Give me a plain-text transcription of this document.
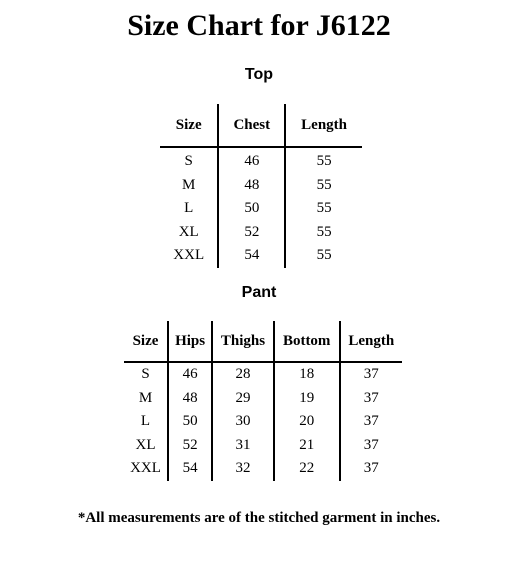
Size Chart for J6122
Top
Size	Chest	Length
S	46	55
M	48	55
L	50	55
XL	52	55
XXL	54	55
Pant
Size	Hips	Thighs	Bottom	Length
S	46	28	18	37
M	48	29	19	37
L	50	30	20	37
XL	52	31	21	37
XXL	54	32	22	37
*All measurements are of the stitched garment in inches.
